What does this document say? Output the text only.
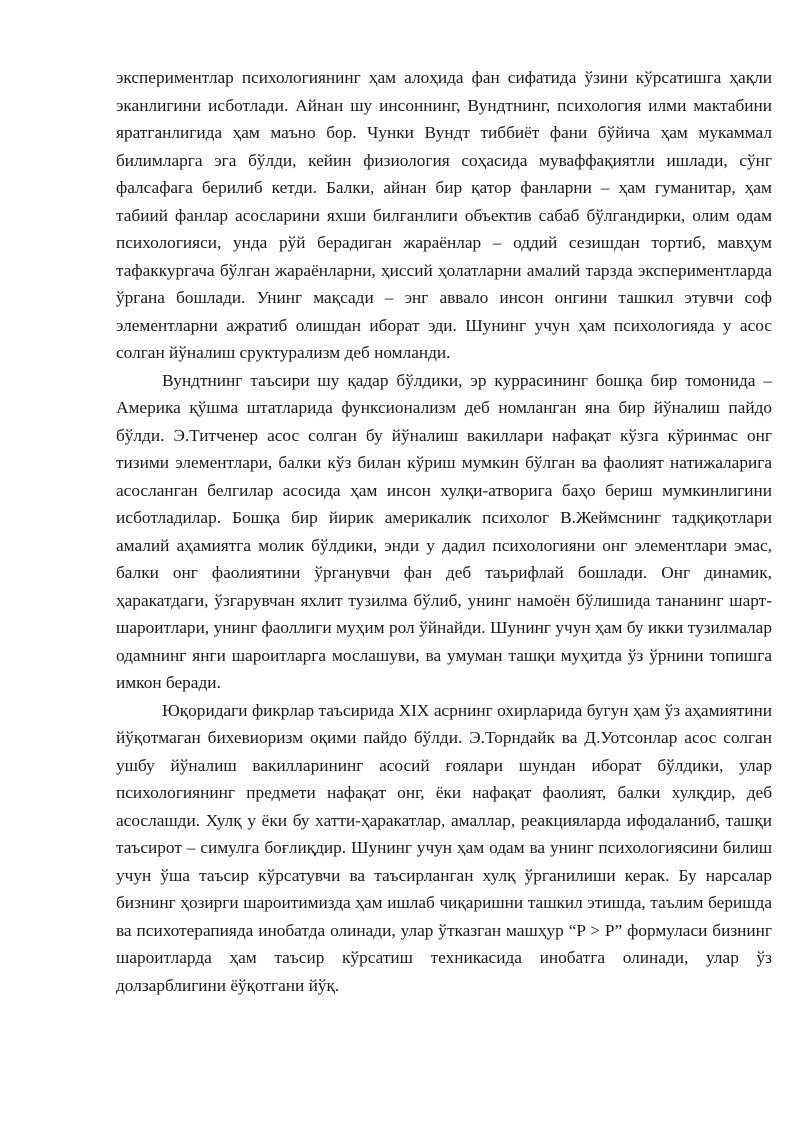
экспериментлар психологиянинг ҳам алоҳида фан сифатида ўзини кўрсатишга ҳақли эканлигини исботлади. Айнан шу инсоннинг, Вундтнинг, психология илми мактабини яратганлигида ҳам маъно бор. Чунки Вундт тиббиёт фани бўйича ҳам мукаммал билимларга эга бўлди, кейин физиология соҳасида муваффақиятли ишлади, сўнг фалсафага берилиб кетди. Балки, айнан бир қатор фанларни – ҳам гуманитар, ҳам табиий фанлар асосларини яхши билганлиги объектив сабаб бўлгандирки, олим одам психологияси, унда рўй берадиган жараёнлар – оддий сезишдан тортиб, мавҳум тафаккургача бўлган жараёнларни, ҳиссий ҳолатларни амалий тарзда экспериментларда ўргана бошлади. Унинг мақсади – энг аввало инсон онгини ташкил этувчи соф элементларни ажратиб олишдан иборат эди. Шунинг учун ҳам психологияда у асос солган йўналиш сруктурализм деб номланди.

Вундтнинг таъсири шу қадар бўлдики, эр куррасининг бошқа бир томонида – Америка қўшма штатларида функсионализм деб номланган яна бир йўналиш пайдо бўлди. Э.Титченер асос солган бу йўналиш вакиллари нафақат кўзга кўринмас онг тизими элементлари, балки кўз билан кўриш мумкин бўлган ва фаолият натижаларига асосланган белгилар асосида ҳам инсон хулқи-атворига баҳо бериш мумкинлигини исботладилар. Бошқа бир йирик америкалик психолог В.Жеймснинг тадқиқотлари амалий аҳамиятга молик бўлдики, энди у дадил психологияни онг элементлари эмас, балки онг фаолиятини ўрганувчи фан деб таърифлай бошлади. Онг динамик, ҳаракатдаги, ўзгарувчан яхлит тузилма бўлиб, унинг намоён бўлишида тананинг шарт-шароитлари, унинг фаоллиги муҳим рол ўйнайди. Шунинг учун ҳам бу икки тузилмалар одамнинг янги шароитларга мослашуви, ва умуман ташқи муҳитда ўз ўрнини топишга имкон беради.

Юқоридаги фикрлар таъсирида XIX асрнинг охирларида бугун ҳам ўз аҳамиятини йўқотмаган бихевиоризм оқими пайдо бўлди. Э.Торндайк ва Д.Уотсонлар асос солган ушбу йўналиш вакилларининг асосий ғоялари шундан иборат бўлдики, улар психологиянинг предмети нафақат онг, ёки нафақат фаолият, балки хулқдир, деб асослашди. Хулқ у ёки бу хатти-ҳаракатлар, амаллар, реакцияларда ифодаланиб, ташқи таъсирот – симулга боғлиқдир. Шунинг учун ҳам одам ва унинг психологиясини билиш учун ўша таъсир кўрсатувчи ва таъсирланган хулқ ўрганилиши керак. Бу нарсалар бизнинг ҳозирги шароитимизда ҳам ишлаб чиқаришни ташкил этишда, таълим беришда ва психотерапияда инобатда олинади, улар ўтказган машҳур “P > P” формуласи бизнинг шароитларда ҳам таъсир кўрсатиш техникасида инобатга олинади, улар ўз долзарблигини ёўқотгани йўқ.
